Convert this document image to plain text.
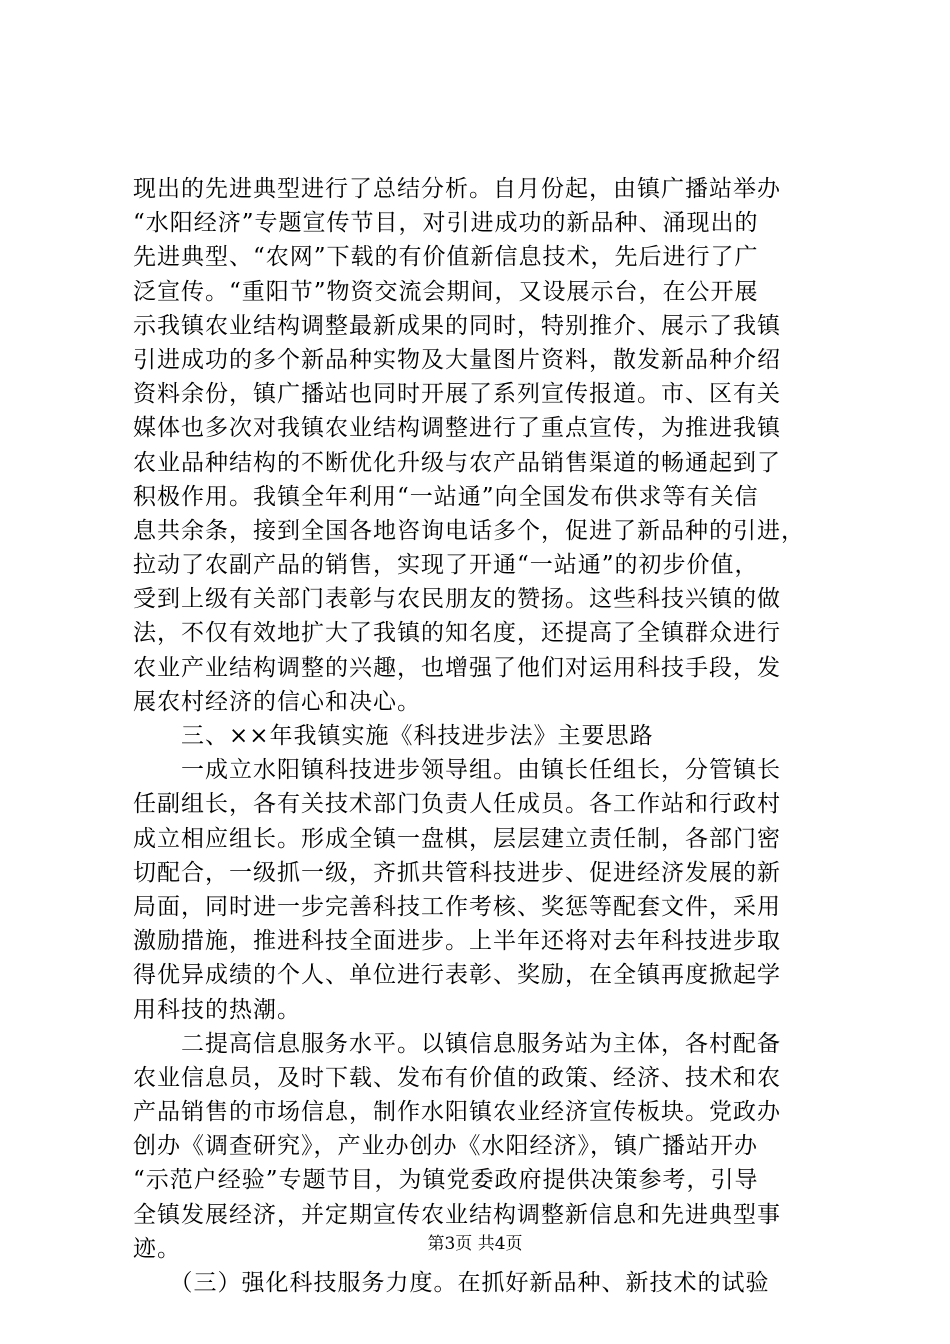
现出的先进典型进行了总结分析。自月份起，由镇广播站举办
“水阳经济”专题宣传节目，对引进成功的新品种、涌现出的
先进典型、“农网”下载的有价值新信息技术，先后进行了广
泛宣传。“重阳节”物资交流会期间，又设展示台，在公开展
示我镇农业结构调整最新成果的同时，特别推介、展示了我镇
引进成功的多个新品种实物及大量图片资料，散发新品种介绍
资料余份，镇广播站也同时开展了系列宣传报道。市、区有关
媒体也多次对我镇农业结构调整进行了重点宣传，为推进我镇
农业品种结构的不断优化升级与农产品销售渠道的畅通起到了
积极作用。我镇全年利用“一站通”向全国发布供求等有关信
息共余条，接到全国各地咨询电话多个，促进了新品种的引进，
拉动了农副产品的销售，实现了开通“一站通”的初步价值，
受到上级有关部门表彰与农民朋友的赞扬。这些科技兴镇的做
法，不仅有效地扩大了我镇的知名度，还提高了全镇群众进行
农业产业结构调整的兴趣，也增强了他们对运用科技手段，发
展农村经济的信心和决心。
　　三、××年我镇实施《科技进步法》主要思路
　　一成立水阳镇科技进步领导组。由镇长任组长，分管镇长
任副组长，各有关技术部门负责人任成员。各工作站和行政村
成立相应组长。形成全镇一盘棋，层层建立责任制，各部门密
切配合，一级抓一级，齐抓共管科技进步、促进经济发展的新
局面，同时进一步完善科技工作考核、奖惩等配套文件，采用
激励措施，推进科技全面进步。上半年还将对去年科技进步取
得优异成绩的个人、单位进行表彰、奖励，在全镇再度掀起学
用科技的热潮。
　　二提高信息服务水平。以镇信息服务站为主体，各村配备
农业信息员，及时下载、发布有价值的政策、经济、技术和农
产品销售的市场信息，制作水阳镇农业经济宣传板块。党政办
创办《调查研究》，产业办创办《水阳经济》，镇广播站开办
“示范户经验”专题节目，为镇党委政府提供决策参考，引导
全镇发展经济，并定期宣传农业结构调整新信息和先进典型事
迹。
　　（三）强化科技服务力度。在抓好新品种、新技术的试验
第3页 共4页
